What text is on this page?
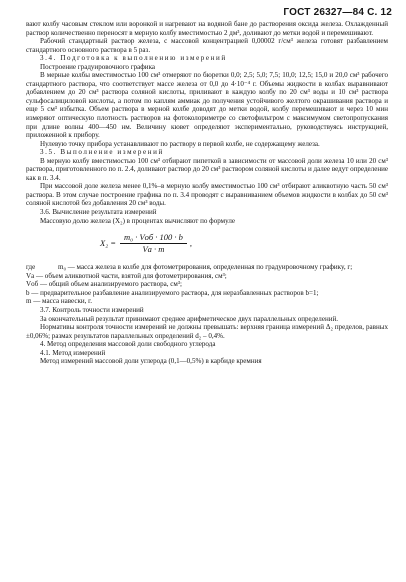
ГОСТ 26327—84 С. 12

вают колбу часовым стеклом или воронкой и нагревают на водяной бане до растворения оксида железа. Охлажденный раствор количественно переносят в мерную колбу вместимостью 2 дм³, доливают до метки водой и перемешивают.

Рабочий стандартный раствор железа, с массовой концентрацией 0,00002 г/см³ железа готовят разбавлением стандартного основного раствора в 5 раз.

3.4. Подготовка к выполнению измерений

Построение градуировочного графика

В мерные колбы вместимостью 100 см³ отмеряют по бюретки 0,0; 2,5; 5,0; 7,5; 10,0; 12,5; 15,0 и 20,0 см³ рабочего стандартного раствора, что соответствует массе железа от 0,0 до 4·10⁻⁴ г. Объемы жидкости в колбах выравнивают добавлением до 20 см³ раствора соляной кислоты, приливают в каждую колбу по 20 см³ воды и 10 см³ раствора сульфосалициловой кислоты, а потом по каплям аммиак до получения устойчивого желтого окрашивания раствора и еще 5 см³ избытка. Объем раствора в мерной колбе доводят до метки водой, колбу перемешивают и через 10 мин измеряют оптическую плотность растворов на фотоколориметре со светофильтром с максимумом светопропускания при длине волны 400—450 нм. Величину кювет определяют экспериментально, руководствуясь инструкцией, приложенной к прибору.

Нулевую точку прибора устанавливают по раствору в первой колбе, не содержащему железа.

3.5. Выполнение измерений

В мерную колбу вместимостью 100 см³ отбирают пипеткой в зависимости от массовой доли железа 10 или 20 см³ раствора, приготовленного по п. 2.4, доливают раствор до 20 см³ раствором соляной кислоты и далее ведут определение как в п. 3.4.

При массовой доле железа менее 0,1%–в мерную колбу вместимостью 100 см³ отбирают аликвотную часть 50 см³ раствора. В этом случае построение графика по п. 3.4 проводят с выравниванием объемов жидкости в колбах до 50 см³ соляной кислотой без добавления 20 см³ воды.

3.6. Вычисление результата измерений

Массовую долю железа (X₂) в процентах вычисляют по формуле

$X_2 = \frac{\text{m₀ · Vоб · 100 · b}}{Vа \cdot m}$ ,
где	m₀ — масса железа в колбе для фотометрирования, определенная по градуировочному графику, г;
Vа
— объем аликвотной части, взятой для фотометрирования, см³;
Vоб
— общий объем анализируемого раствора, см³;
b
— предварительное разбавление анализируемого раствора, для неразбавленных растворов b=1;
m
— масса навески, г.

3.7. Контроль точности измерений

За окончательный результат принимают среднее арифметическое двух параллельных определений.

Нормативы контроля точности измерений не должны превышать: верхняя граница измерений Δ₂ пределов, равных ±0,06%; размах результатов параллельных определений d₂ – 0,4%.

4. Метод определения массовой доли свободного углерода

4.1. Метод измерений

Метод измерений массовой доли углерода (0,1—0,5%) в карбиде кремния
